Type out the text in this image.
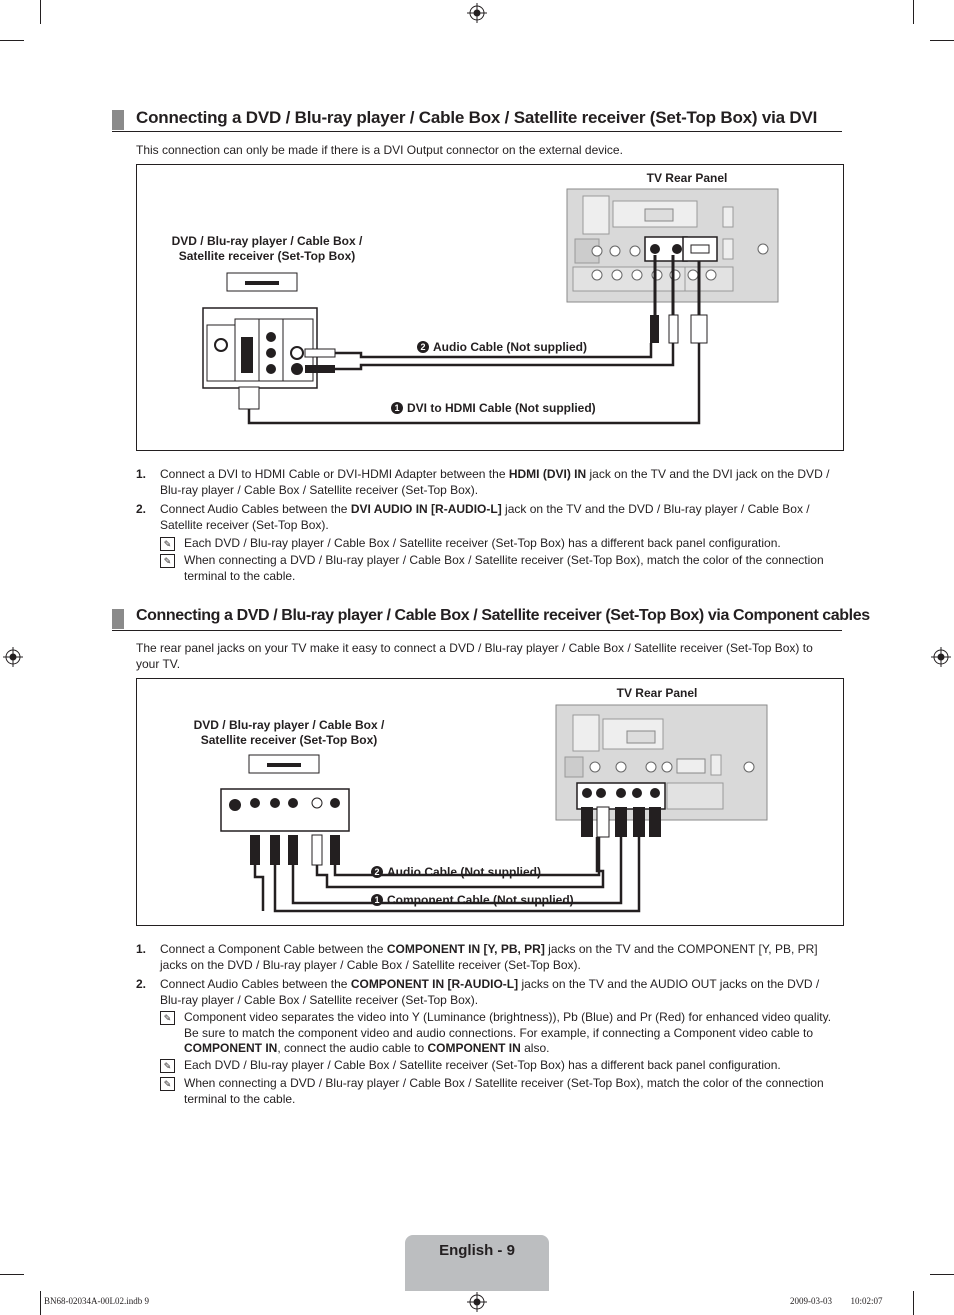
Connecting a DVD / Blu-ray player / Cable Box / Satellite receiver (Set-Top Box) via DVI
This connection can only be made if there is a DVI Output connector on the external device.
TV Rear Panel
DVD / Blu-ray player / Cable Box / Satellite receiver (Set-Top Box)
2 Audio Cable (Not supplied)
1 DVI to HDMI Cable (Not supplied)
1.	Connect a DVI to HDMI Cable or DVI-HDMI Adapter between the HDMI (DVI) IN jack on the TV and the DVI jack on the DVD / Blu-ray player / Cable Box / Satellite receiver (Set-Top Box).
2.	Connect Audio Cables between the DVI AUDIO IN [R-AUDIO-L] jack on the TV and the DVD / Blu-ray player / Cable Box / Satellite receiver (Set-Top Box).
✎	Each DVD / Blu-ray player / Cable Box / Satellite receiver (Set-Top Box) has a different back panel configuration.
✎	When connecting a DVD / Blu-ray player / Cable Box / Satellite receiver (Set-Top Box), match the color of the connection terminal to the cable.
Connecting a DVD / Blu-ray player / Cable Box / Satellite receiver (Set-Top Box) via Component cables
The rear panel jacks on your TV make it easy to connect a DVD / Blu-ray player / Cable Box / Satellite receiver (Set-Top Box) to your TV.
TV Rear Panel
DVD / Blu-ray player / Cable Box / Satellite receiver (Set-Top Box)
2 Audio Cable (Not supplied)
1 Component Cable (Not supplied)
1.	Connect a Component Cable between the COMPONENT IN [Y, PB, PR] jacks on the TV and the COMPONENT [Y, PB, PR] jacks on the DVD / Blu-ray player / Cable Box / Satellite receiver (Set-Top Box).
2.	Connect Audio Cables between the COMPONENT IN [R-AUDIO-L] jacks on the TV and the AUDIO OUT jacks on the DVD / Blu-ray player / Cable Box / Satellite receiver (Set-Top Box).
✎	Component video separates the video into Y (Luminance (brightness)), Pb (Blue) and Pr (Red) for enhanced video quality. Be sure to match the component video and audio connections. For example, if connecting a Component video cable to COMPONENT IN, connect the audio cable to COMPONENT IN also.
✎	Each DVD / Blu-ray player / Cable Box / Satellite receiver (Set-Top Box) has a different back panel configuration.
✎	When connecting a DVD / Blu-ray player / Cable Box / Satellite receiver (Set-Top Box), match the color of the connection terminal to the cable.
English - 9
BN68-02034A-00L02.indb 9	2009-03-03    10:02:07
